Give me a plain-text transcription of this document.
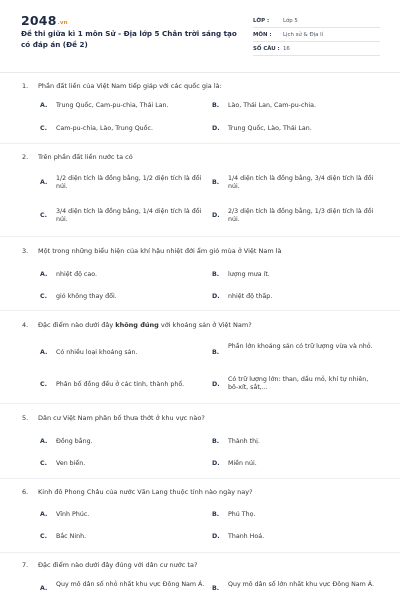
2048.vn
Đề thi giữa kì 1 môn Sử - Địa lớp 5 Chân trời sáng tạo có đáp án (Đề 2)
LỚP :	Lớp 5
MÔN :	Lịch sử & Địa lí
SỐ CÂU : 16
1. Phần đất liền của Việt Nam tiếp giáp với các quốc gia là:
A. Trung Quốc, Cam-pu-chia, Thái Lan.	B. Lào, Thái Lan, Cam-pu-chia.
C. Cam-pu-chia, Lào, Trung Quốc.	D. Trung Quốc, Lào, Thái Lan.
2. Trên phần đất liền nước ta có
A.
1/2 diện tích là đồng bằng, 1/2 diện tích là đồi núi.
B.
1/4 diện tích là đồng bằng, 3/4 diện tích là đồi núi.
C.
3/4 diện tích là đồng bằng, 1/4 diện tích là đồi núi.
D.
2/3 diện tích là đồng bằng, 1/3 diện tích là đồi núi.
3. Một trong những biểu hiện của khí hậu nhiệt đới ẩm gió mùa ở Việt Nam là
A. nhiệt độ cao.	B. lượng mưa ít.
C. gió không thay đổi.	D. nhiệt độ thấp.
4. Đặc điểm nào dưới đây không đúng với khoáng sản ở Việt Nam?
A. Có nhiều loại khoáng sản.	B.
Phần lớn khoáng sản có trữ lượng vừa và nhỏ.
C. Phân bố đồng đều ở các tỉnh, thành phố.	D.
Có trữ lượng lớn: than, dầu mỏ, khí tự nhiên, bô-xít, sắt,...
5. Dân cư Việt Nam phân bố thưa thớt ở khu vực nào?
A. Đồng bằng.	B. Thành thị.
C. Ven biển.	D. Miền núi.
6. Kinh đô Phong Châu của nước Văn Lang thuộc tỉnh nào ngày nay?
A. Vĩnh Phúc.	B. Phú Thọ.
C. Bắc Ninh.	D. Thanh Hoá.
7. Đặc điểm nào dưới đây đúng với dân cư nước ta?
A.
Quy mô dân số nhỏ nhất khu vực Đông Nam Á.
B.
Quy mô dân số lớn nhất khu vực Đông Nam Á.
